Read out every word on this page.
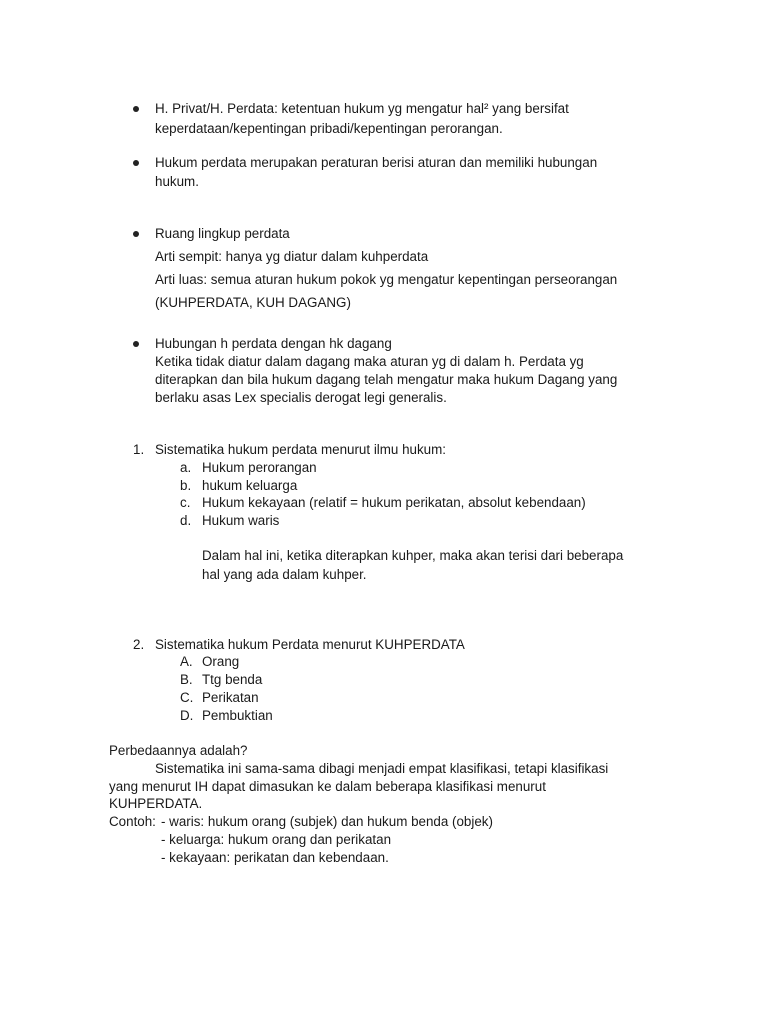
H. Privat/H. Perdata: ketentuan hukum yg mengatur hal² yang bersifat
keperdataan/kepentingan pribadi/kepentingan perorangan.
Hukum perdata merupakan peraturan berisi aturan dan memiliki hubungan
hukum.
Ruang lingkup perdata
Arti sempit: hanya yg diatur dalam kuhperdata
Arti luas: semua aturan hukum pokok yg mengatur kepentingan perseorangan
(KUHPERDATA, KUH DAGANG)
Hubungan h perdata dengan hk dagang
Ketika tidak diatur dalam dagang maka aturan yg di dalam h. Perdata yg
diterapkan dan bila hukum dagang telah mengatur maka hukum Dagang yang
berlaku asas Lex specialis derogat legi generalis.
1. Sistematika hukum perdata menurut ilmu hukum:
a. Hukum perorangan
b. hukum keluarga
c. Hukum kekayaan (relatif = hukum perikatan, absolut kebendaan)
d. Hukum waris
Dalam hal ini, ketika diterapkan kuhper, maka akan terisi dari beberapa
hal yang ada dalam kuhper.
2. Sistematika hukum Perdata menurut KUHPERDATA
A. Orang
B. Ttg benda
C. Perikatan
D. Pembuktian
Perbedaannya adalah?
Sistematika ini sama-sama dibagi menjadi empat klasifikasi, tetapi klasifikasi
yang menurut IH dapat dimasukan ke dalam beberapa klasifikasi menurut
KUHPERDATA.
Contoh: - waris: hukum orang (subjek) dan hukum benda (objek)
- keluarga: hukum orang dan perikatan
- kekayaan: perikatan dan kebendaan.
